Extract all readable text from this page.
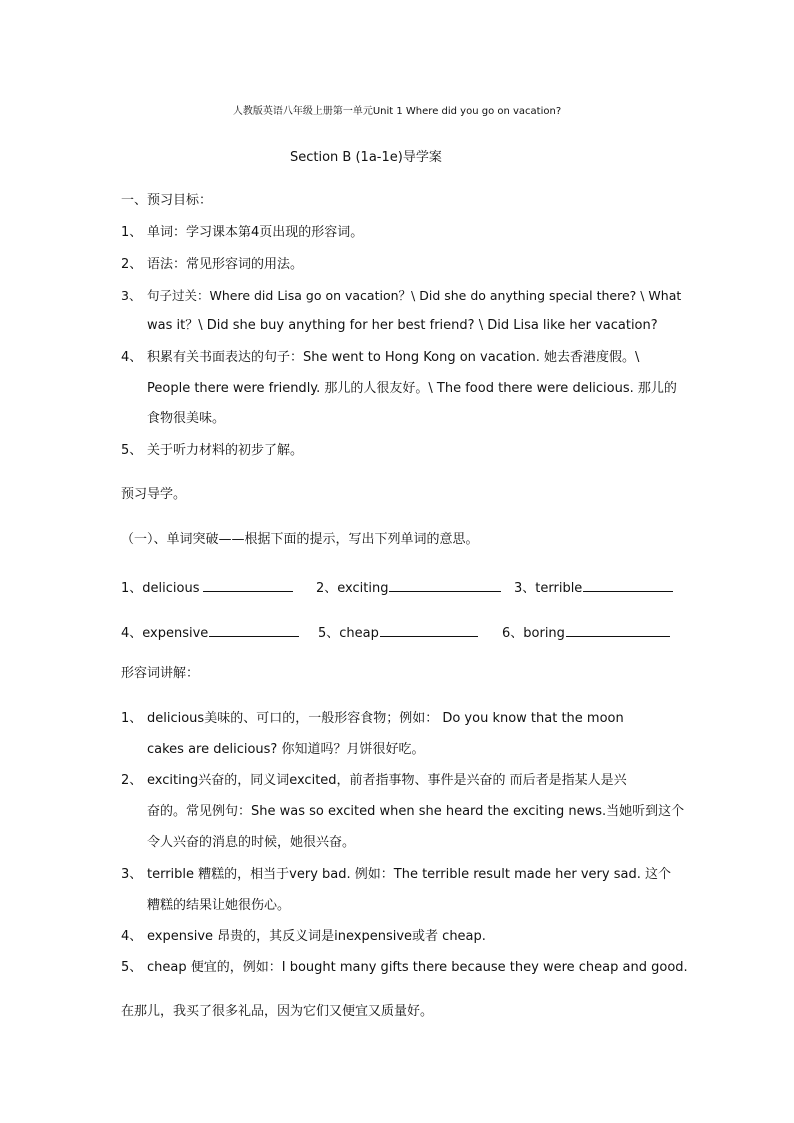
人教版英语八年级上册第一单元Unit 1 Where did you go on vacation?
Section B (1a-1e)导学案
一、预习目标：
1、 单词：学习课本第4页出现的形容词。
2、 语法：常见形容词的用法。
3、 句子过关：Where did Lisa go on vacation？\ Did she do anything special there? \ What
was it？\ Did she buy anything for her best friend? \ Did Lisa like her vacation?
4、 积累有关书面表达的句子：She went to Hong Kong on vacation. 她去香港度假。\
People there were friendly. 那儿的人很友好。\ The food there were delicious. 那儿的
食物很美味。
5、 关于听力材料的初步了解。
预习导学。
（一）、单词突破——根据下面的提示，写出下列单词的意思。
1、delicious	2、exciting	3、terrible
4、expensive	5、cheap	6、boring
形容词讲解：
1、 delicious美味的、可口的，一般形容食物；例如： Do you know that the moon
cakes are delicious? 你知道吗？月饼很好吃。
2、 exciting兴奋的，同义词excited，前者指事物、事件是兴奋的 而后者是指某人是兴
奋的。常见例句：She was so excited when she heard the exciting news.当她听到这个
令人兴奋的消息的时候，她很兴奋。
3、 terrible 糟糕的，相当于very bad. 例如：The terrible result made her very sad. 这个
糟糕的结果让她很伤心。
4、 expensive 昂贵的，其反义词是inexpensive或者 cheap.
5、 cheap 便宜的，例如：I bought many gifts there because they were cheap and good.
在那儿，我买了很多礼品，因为它们又便宜又质量好。
